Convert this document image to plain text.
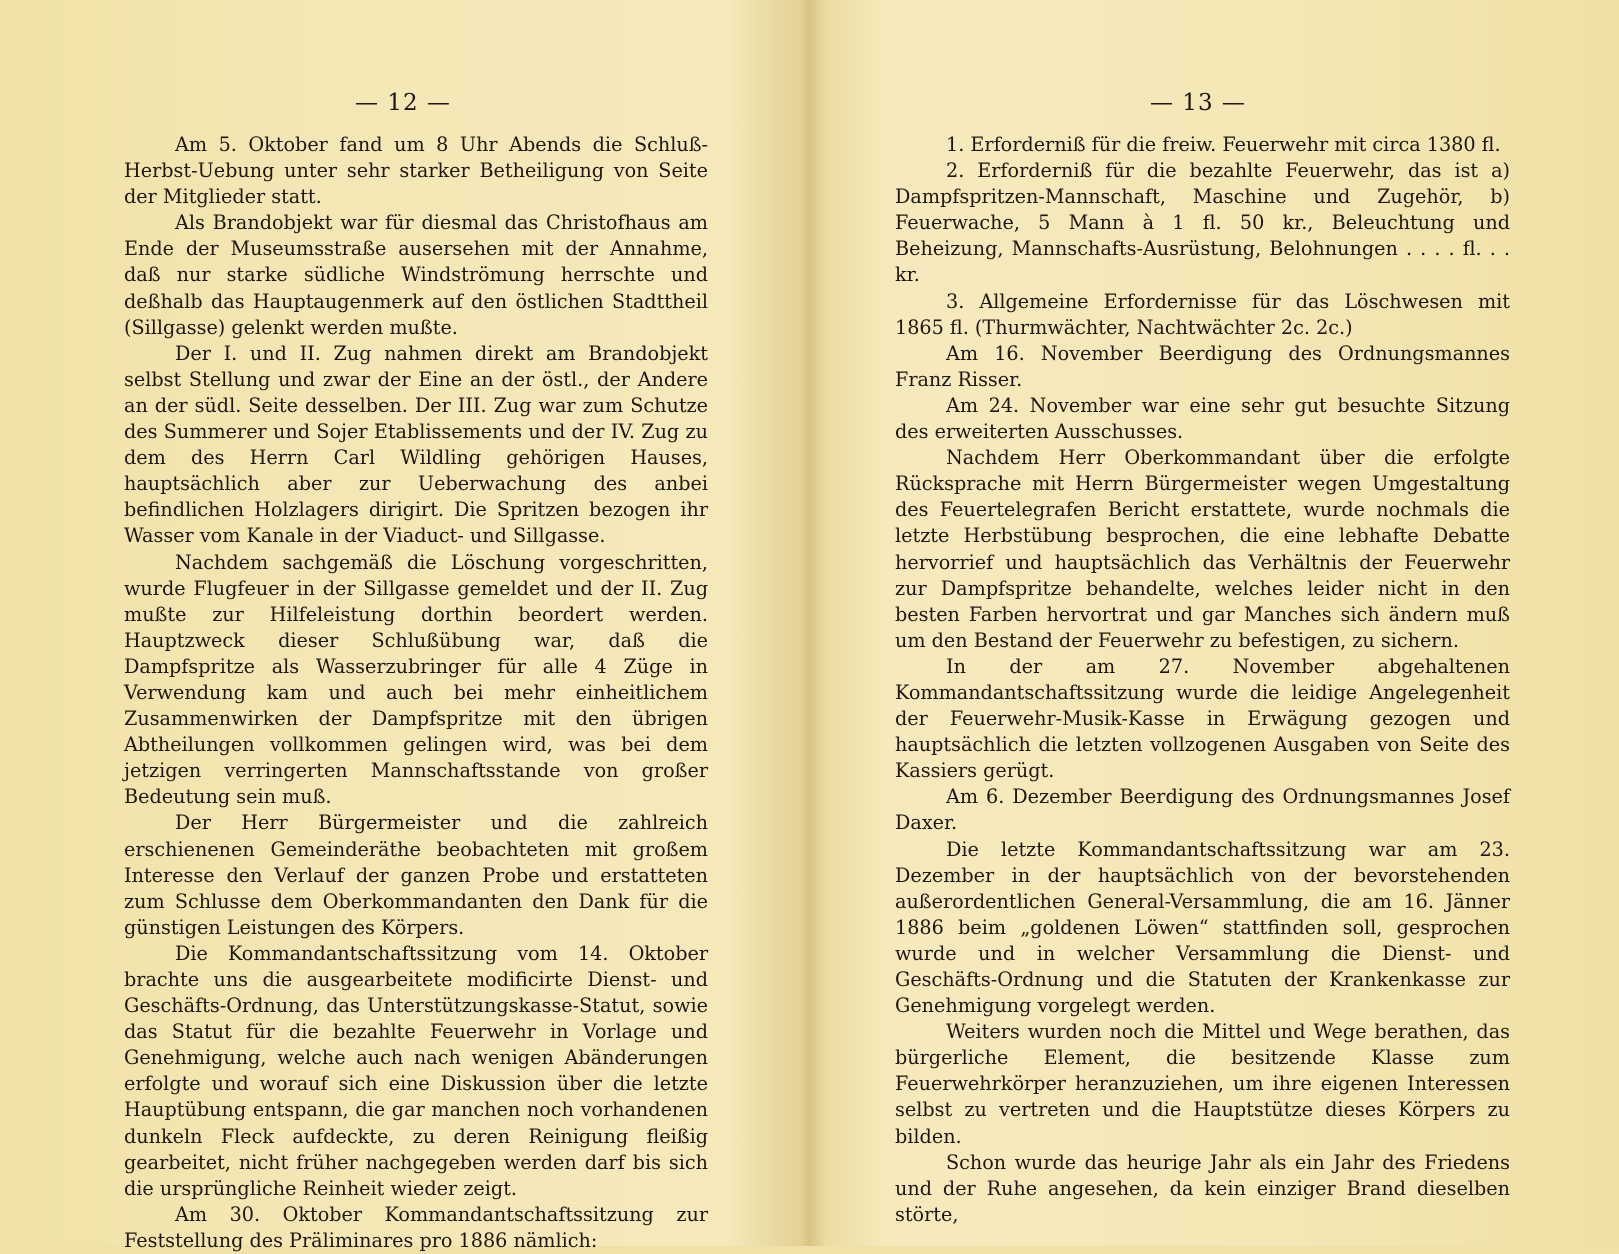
— 12 —

Am 5. Oktober fand um 8 Uhr Abends die Schluß-Herbst-Uebung unter sehr starker Betheiligung von Seite der Mitglieder statt.

Als Brandobjekt war für diesmal das Christofhaus am Ende der Museumsstraße ausersehen mit der Annahme, daß nur starke südliche Windströmung herrschte und deßhalb das Hauptaugenmerk auf den östlichen Stadttheil (Sillgasse) gelenkt werden mußte.

Der I. und II. Zug nahmen direkt am Brandobjekt selbst Stellung und zwar der Eine an der östl., der Andere an der südl. Seite desselben. Der III. Zug war zum Schutze des Summerer und Sojer Etablissements und der IV. Zug zu dem des Herrn Carl Wildling gehörigen Hauses, hauptsächlich aber zur Ueberwachung des anbei befindlichen Holzlagers dirigirt. Die Spritzen bezogen ihr Wasser vom Kanale in der Viaduct- und Sillgasse.

Nachdem sachgemäß die Löschung vorgeschritten, wurde Flugfeuer in der Sillgasse gemeldet und der II. Zug mußte zur Hilfeleistung dorthin beordert werden. Hauptzweck dieser Schlußübung war, daß die Dampfspritze als Wasserzubringer für alle 4 Züge in Verwendung kam und auch bei mehr einheitlichem Zusammenwirken der Dampfspritze mit den übrigen Abtheilungen vollkommen gelingen wird, was bei dem jetzigen verringerten Mannschaftsstande von großer Bedeutung sein muß.

Der Herr Bürgermeister und die zahlreich erschienenen Gemeinderäthe beobachteten mit großem Interesse den Verlauf der ganzen Probe und erstatteten zum Schlusse dem Oberkommandanten den Dank für die günstigen Leistungen des Körpers.

Die Kommandantschaftssitzung vom 14. Oktober brachte uns die ausgearbeitete modificirte Dienst- und Geschäfts-Ordnung, das Unterstützungskasse-Statut, sowie das Statut für die bezahlte Feuerwehr in Vorlage und Genehmigung, welche auch nach wenigen Abänderungen erfolgte und worauf sich eine Diskussion über die letzte Hauptübung entspann, die gar manchen noch vorhandenen dunkeln Fleck aufdeckte, zu deren Reinigung fleißig gearbeitet, nicht früher nachgegeben werden darf bis sich die ursprüngliche Reinheit wieder zeigt.

Am 30. Oktober Kommandantschaftssitzung zur Feststellung des Präliminares pro 1886 nämlich:

— 13 —

1. Erforderniß für die freiw. Feuerwehr mit circa 1380 fl.

2. Erforderniß für die bezahlte Feuerwehr, das ist a) Dampfspritzen-Mannschaft, Maschine und Zugehör, b) Feuerwache, 5 Mann à 1 fl. 50 kr., Beleuchtung und Beheizung, Mannschafts-Ausrüstung, Belohnungen . . . . fl. . . kr.

3. Allgemeine Erfordernisse für das Löschwesen mit 1865 fl. (Thurmwächter, Nachtwächter 2c. 2c.)

Am 16. November Beerdigung des Ordnungsmannes Franz Risser.

Am 24. November war eine sehr gut besuchte Sitzung des erweiterten Ausschusses.

Nachdem Herr Oberkommandant über die erfolgte Rücksprache mit Herrn Bürgermeister wegen Umgestaltung des Feuertelegrafen Bericht erstattete, wurde nochmals die letzte Herbstübung besprochen, die eine lebhafte Debatte hervorrief und hauptsächlich das Verhältnis der Feuerwehr zur Dampfspritze behandelte, welches leider nicht in den besten Farben hervortrat und gar Manches sich ändern muß um den Bestand der Feuerwehr zu befestigen, zu sichern.

In der am 27. November abgehaltenen Kommandantschaftssitzung wurde die leidige Angelegenheit der Feuerwehr-Musik-Kasse in Erwägung gezogen und hauptsächlich die letzten vollzogenen Ausgaben von Seite des Kassiers gerügt.

Am 6. Dezember Beerdigung des Ordnungsmannes Josef Daxer.

Die letzte Kommandantschaftssitzung war am 23. Dezember in der hauptsächlich von der bevorstehenden außerordentlichen General-Versammlung, die am 16. Jänner 1886 beim „goldenen Löwen“ stattfinden soll, gesprochen wurde und in welcher Versammlung die Dienst- und Geschäfts-Ordnung und die Statuten der Krankenkasse zur Genehmigung vorgelegt werden.

Weiters wurden noch die Mittel und Wege berathen, das bürgerliche Element, die besitzende Klasse zum Feuerwehrkörper heranzuziehen, um ihre eigenen Interessen selbst zu vertreten und die Hauptstütze dieses Körpers zu bilden.

Schon wurde das heurige Jahr als ein Jahr des Friedens und der Ruhe angesehen, da kein einziger Brand dieselben störte,
